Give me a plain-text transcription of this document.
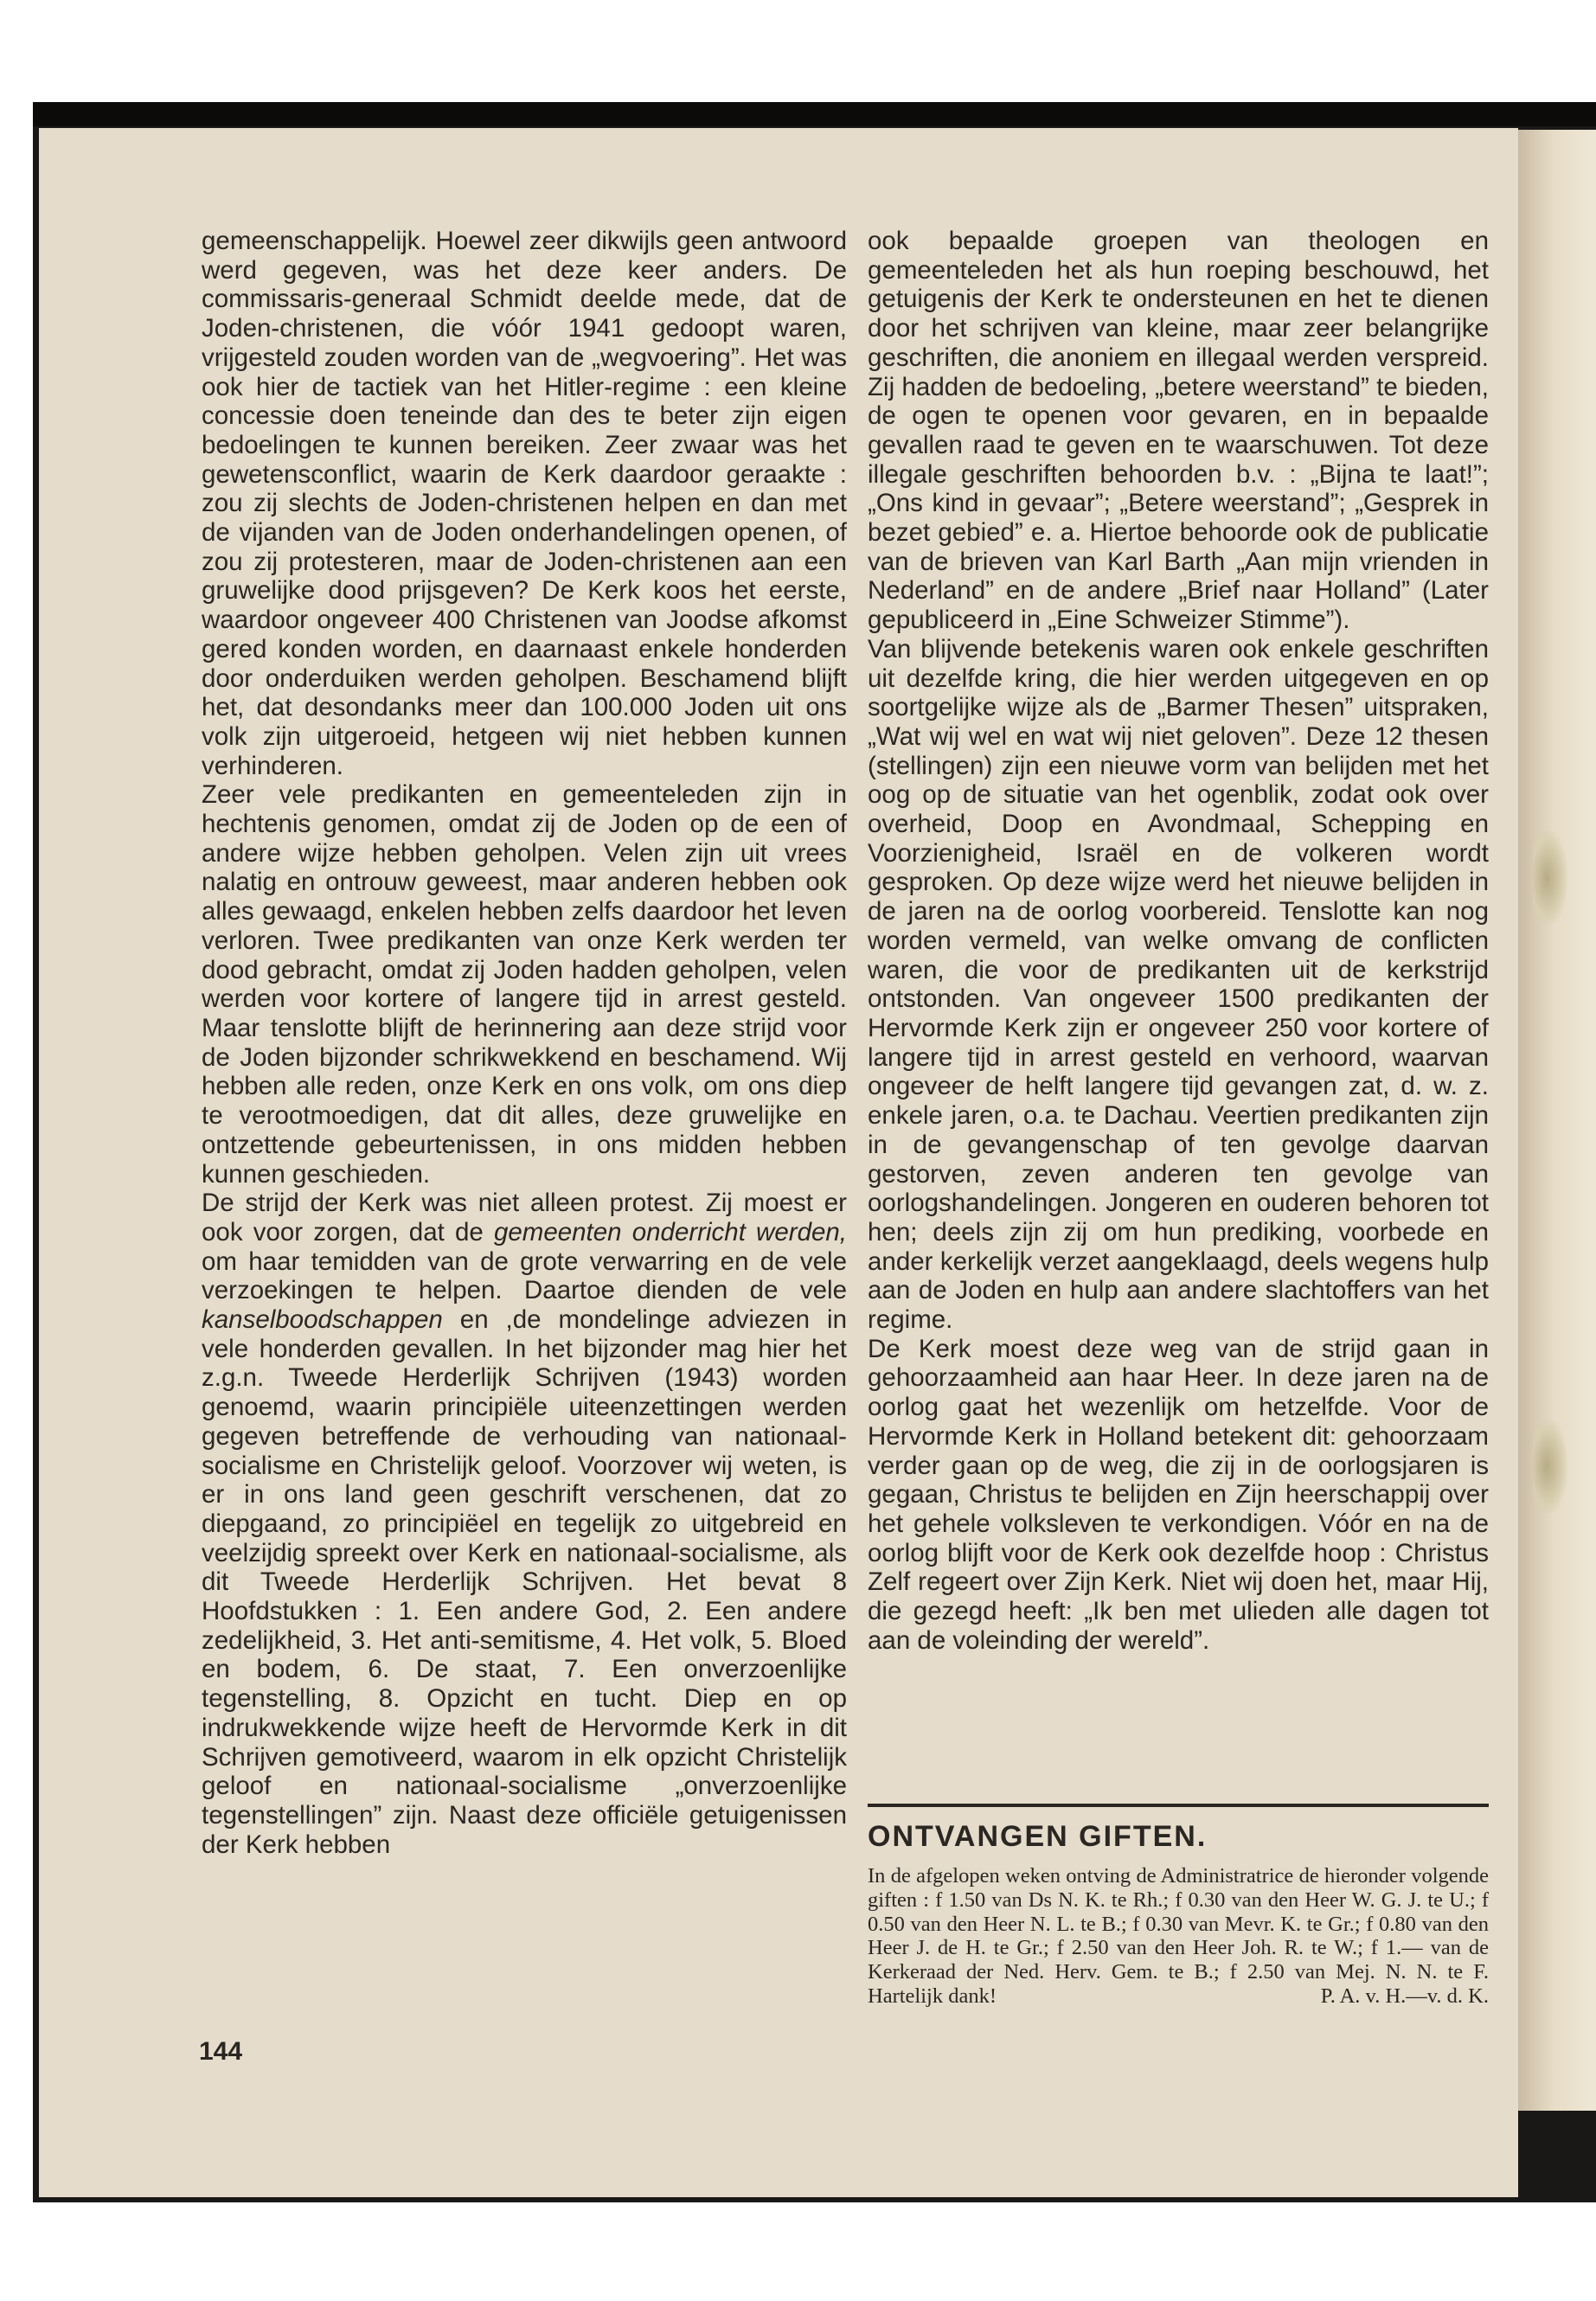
gemeenschappelijk. Hoewel zeer dikwijls geen antwoord werd gegeven, was het deze keer anders. De commissaris-generaal Schmidt deelde mede, dat de Joden-christenen, die vóór 1941 gedoopt waren, vrijgesteld zouden worden van de „wegvoering”. Het was ook hier de tactiek van het Hitler-regime : een kleine concessie doen teneinde dan des te beter zijn eigen bedoelingen te kunnen bereiken. Zeer zwaar was het gewetensconflict, waarin de Kerk daardoor geraakte : zou zij slechts de Joden-christenen helpen en dan met de vijanden van de Joden onderhandelingen openen, of zou zij protesteren, maar de Joden-christenen aan een gruwelijke dood prijsgeven? De Kerk koos het eerste, waardoor ongeveer 400 Christenen van Joodse afkomst gered konden worden, en daarnaast enkele honderden door onderduiken werden geholpen. Beschamend blijft het, dat desondanks meer dan 100.000 Joden uit ons volk zijn uitgeroeid, hetgeen wij niet hebben kunnen verhinderen.

Zeer vele predikanten en gemeenteleden zijn in hechtenis genomen, omdat zij de Joden op de een of andere wijze hebben geholpen. Velen zijn uit vrees nalatig en ontrouw geweest, maar anderen hebben ook alles gewaagd, enkelen hebben zelfs daardoor het leven verloren. Twee predikanten van onze Kerk werden ter dood gebracht, omdat zij Joden hadden geholpen, velen werden voor kortere of langere tijd in arrest gesteld. Maar tenslotte blijft de herinnering aan deze strijd voor de Joden bijzonder schrikwekkend en beschamend. Wij hebben alle reden, onze Kerk en ons volk, om ons diep te verootmoedigen, dat dit alles, deze gruwelijke en ontzettende gebeurtenissen, in ons midden hebben kunnen geschieden.

De strijd der Kerk was niet alleen protest. Zij moest er ook voor zorgen, dat de gemeenten onderricht werden, om haar temidden van de grote verwarring en de vele verzoekingen te helpen. Daartoe dienden de vele kanselboodschappen en ,de mondelinge adviezen in vele honderden gevallen. In het bijzonder mag hier het z.g.n. Tweede Herderlijk Schrijven (1943) worden genoemd, waarin principiële uiteenzettingen werden gegeven betreffende de verhouding van nationaal-socialisme en Christelijk geloof. Voorzover wij weten, is er in ons land geen geschrift verschenen, dat zo diepgaand, zo principiëel en tegelijk zo uitgebreid en veelzijdig spreekt over Kerk en nationaal-socialisme, als dit Tweede Herderlijk Schrijven. Het bevat 8 Hoofdstukken : 1. Een andere God, 2. Een andere zedelijkheid, 3. Het anti-semitisme, 4. Het volk, 5. Bloed en bodem, 6. De staat, 7. Een onverzoenlijke tegenstelling, 8. Opzicht en tucht. Diep en op indrukwekkende wijze heeft de Hervormde Kerk in dit Schrijven gemotiveerd, waarom in elk opzicht Christelijk geloof en nationaal-socialisme „onverzoenlijke tegenstellingen” zijn. Naast deze officiële getuigenissen der Kerk hebben

144

ook bepaalde groepen van theologen en gemeenteleden het als hun roeping beschouwd, het getuigenis der Kerk te ondersteunen en het te dienen door het schrijven van kleine, maar zeer belangrijke geschriften, die anoniem en illegaal werden verspreid. Zij hadden de bedoeling, „betere weerstand” te bieden, de ogen te openen voor gevaren, en in bepaalde gevallen raad te geven en te waarschuwen. Tot deze illegale geschriften behoorden b.v. : „Bijna te laat!”; „Ons kind in gevaar”; „Betere weerstand”; „Gesprek in bezet gebied” e. a. Hiertoe behoorde ook de publicatie van de brieven van Karl Barth „Aan mijn vrienden in Nederland” en de andere „Brief naar Holland” (Later gepubliceerd in „Eine Schweizer Stimme”).

Van blijvende betekenis waren ook enkele geschriften uit dezelfde kring, die hier werden uitgegeven en op soortgelijke wijze als de „Barmer Thesen” uitspraken, „Wat wij wel en wat wij niet geloven”. Deze 12 thesen (stellingen) zijn een nieuwe vorm van belijden met het oog op de situatie van het ogenblik, zodat ook over overheid, Doop en Avondmaal, Schepping en Voorzienigheid, Israël en de volkeren wordt gesproken. Op deze wijze werd het nieuwe belijden in de jaren na de oorlog voorbereid. Tenslotte kan nog worden vermeld, van welke omvang de conflicten waren, die voor de predikanten uit de kerkstrijd ontstonden. Van ongeveer 1500 predikanten der Hervormde Kerk zijn er ongeveer 250 voor kortere of langere tijd in arrest gesteld en verhoord, waarvan ongeveer de helft langere tijd gevangen zat, d. w. z. enkele jaren, o.a. te Dachau. Veertien predikanten zijn in de gevangenschap of ten gevolge daarvan gestorven, zeven anderen ten gevolge van oorlogshandelingen. Jongeren en ouderen behoren tot hen; deels zijn zij om hun prediking, voorbede en ander kerkelijk verzet aangeklaagd, deels wegens hulp aan de Joden en hulp aan andere slachtoffers van het regime.

De Kerk moest deze weg van de strijd gaan in gehoorzaamheid aan haar Heer. In deze jaren na de oorlog gaat het wezenlijk om hetzelfde. Voor de Hervormde Kerk in Holland betekent dit: gehoorzaam verder gaan op de weg, die zij in de oorlogsjaren is gegaan, Christus te belijden en Zijn heerschappij over het gehele volksleven te verkondigen. Vóór en na de oorlog blijft voor de Kerk ook dezelfde hoop : Christus Zelf regeert over Zijn Kerk. Niet wij doen het, maar Hij, die gezegd heeft: „Ik ben met ulieden alle dagen tot aan de voleinding der wereld”.

ONTVANGEN GIFTEN.
In de afgelopen weken ontving de Administratrice de hieronder volgende giften : f 1.50 van Ds N. K. te Rh.; f 0.30 van den Heer W. G. J. te U.; f 0.50 van den Heer N. L. te B.; f 0.30 van Mevr. K. te Gr.; f 0.80 van den Heer J. de H. te Gr.; f 2.50 van den Heer Joh. R. te W.; f 1.— van de Kerkeraad der Ned. Herv. Gem. te B.; f 2.50 van Mej. N. N. te F. Hartelijk dank!	P. A. v. H.—v. d. K.
